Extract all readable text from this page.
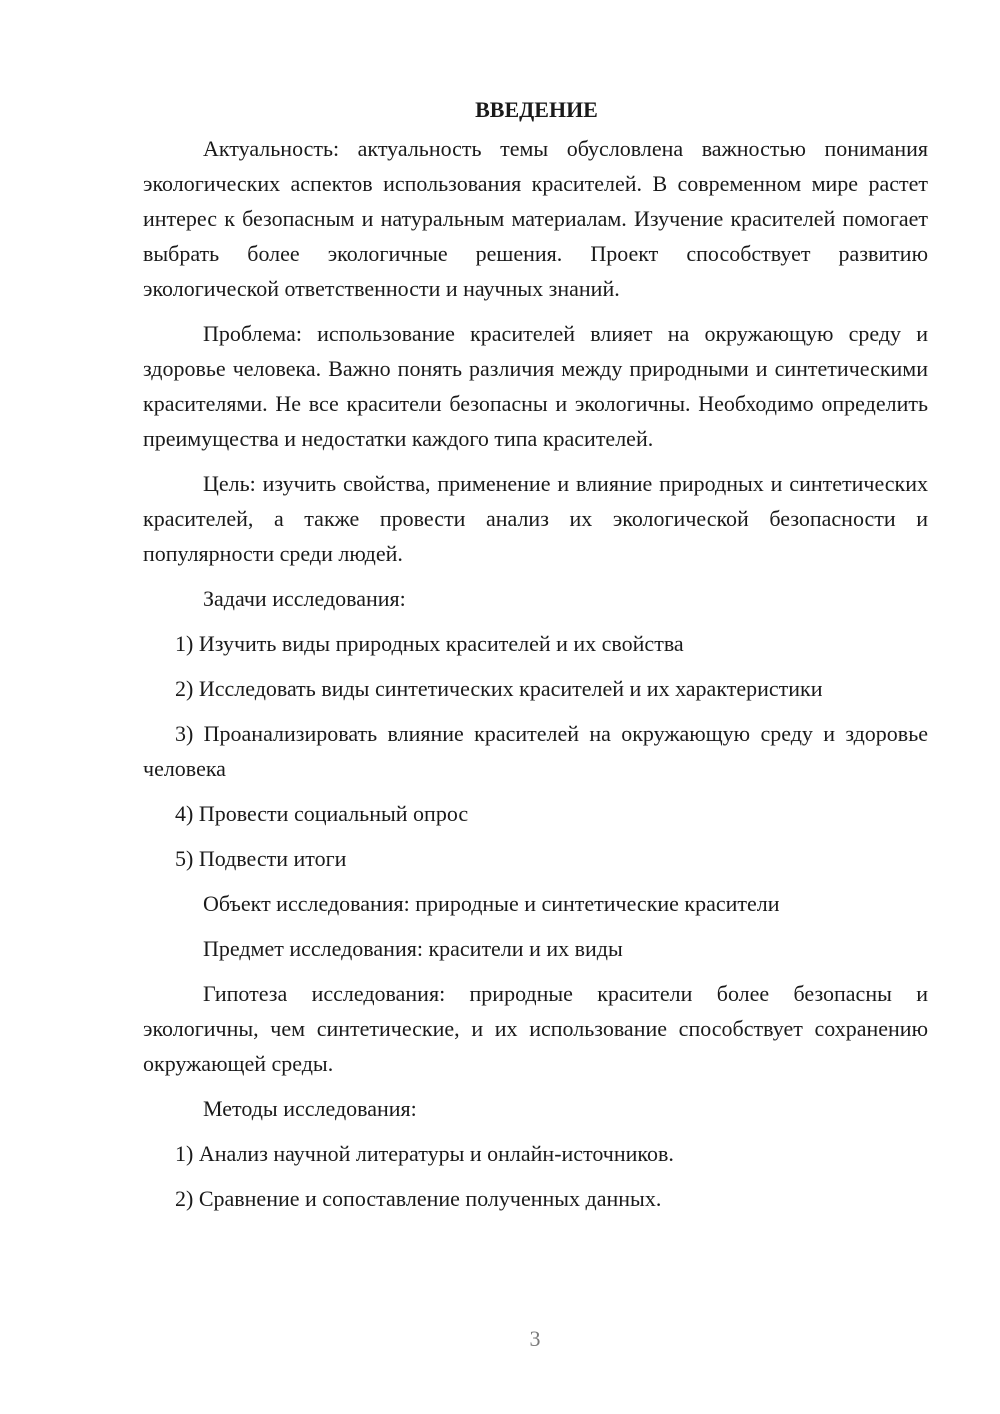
ВВЕДЕНИЕ

Актуальность: актуальность темы обусловлена важностью понимания экологических аспектов использования красителей. В современном мире растет интерес к безопасным и натуральным материалам. Изучение красителей помогает выбрать более экологичные решения. Проект способствует развитию экологической ответственности и научных знаний.

Проблема: использование красителей влияет на окружающую среду и здоровье человека. Важно понять различия между природными и синтетическими красителями. Не все красители безопасны и экологичны. Необходимо определить преимущества и недостатки каждого типа красителей.

Цель: изучить свойства, применение и влияние природных и синтетических красителей, а также провести анализ их экологической безопасности и популярности среди людей.

Задачи исследования:

1) Изучить виды природных красителей и их свойства

2) Исследовать виды синтетических красителей и их характеристики

3) Проанализировать влияние красителей на окружающую среду и здоровье человека

4) Провести социальный опрос

5) Подвести итоги

Объект исследования: природные и синтетические красители

Предмет исследования: красители и их виды

Гипотеза исследования: природные красители более безопасны и экологичны, чем синтетические, и их использование способствует сохранению окружающей среды.

Методы исследования:

1) Анализ научной литературы и онлайн-источников.

2) Сравнение и сопоставление полученных данных.

3
